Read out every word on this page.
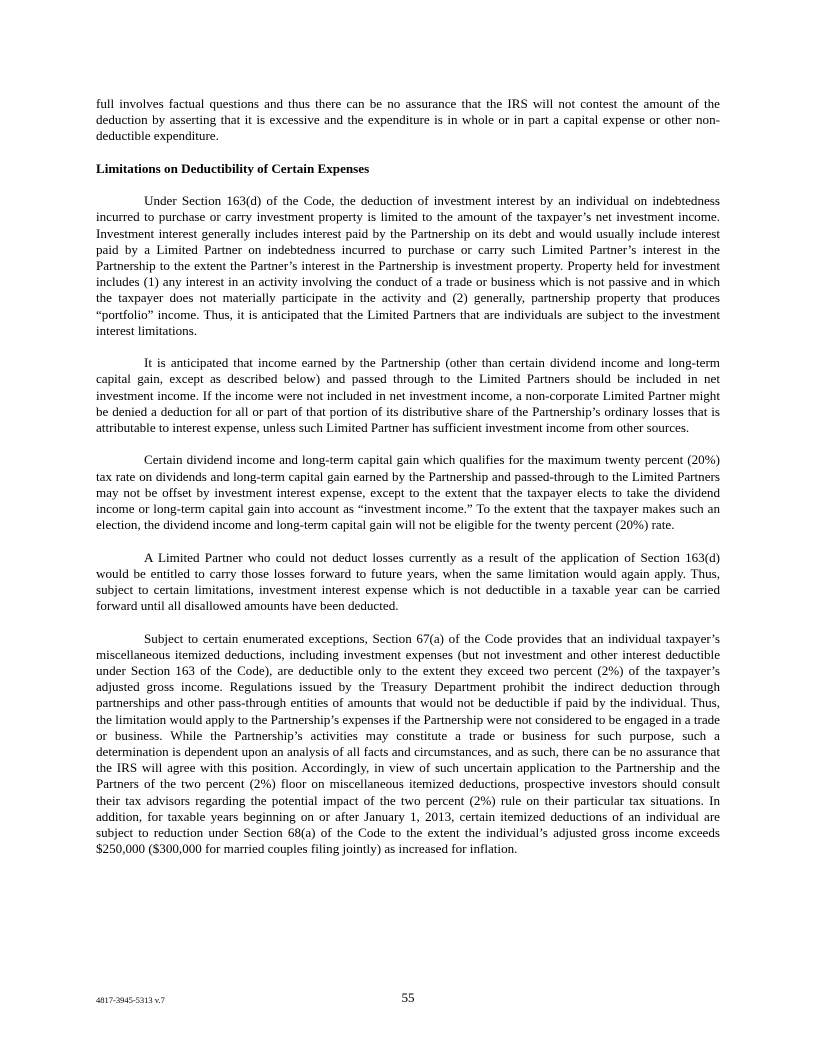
full involves factual questions and thus there can be no assurance that the IRS will not contest the amount of the deduction by asserting that it is excessive and the expenditure is in whole or in part a capital expense or other non-deductible expenditure.

Limitations on Deductibility of Certain Expenses

Under Section 163(d) of the Code, the deduction of investment interest by an individual on indebtedness incurred to purchase or carry investment property is limited to the amount of the taxpayer’s net investment income. Investment interest generally includes interest paid by the Partnership on its debt and would usually include interest paid by a Limited Partner on indebtedness incurred to purchase or carry such Limited Partner’s interest in the Partnership to the extent the Partner’s interest in the Partnership is investment property. Property held for investment includes (1) any interest in an activity involving the conduct of a trade or business which is not passive and in which the taxpayer does not materially participate in the activity and (2) generally, partnership property that produces “portfolio” income. Thus, it is anticipated that the Limited Partners that are individuals are subject to the investment interest limitations.

It is anticipated that income earned by the Partnership (other than certain dividend income and long-term capital gain, except as described below) and passed through to the Limited Partners should be included in net investment income. If the income were not included in net investment income, a non-corporate Limited Partner might be denied a deduction for all or part of that portion of its distributive share of the Partnership’s ordinary losses that is attributable to interest expense, unless such Limited Partner has sufficient investment income from other sources.

Certain dividend income and long-term capital gain which qualifies for the maximum twenty percent (20%) tax rate on dividends and long-term capital gain earned by the Partnership and passed-through to the Limited Partners may not be offset by investment interest expense, except to the extent that the taxpayer elects to take the dividend income or long-term capital gain into account as “investment income.” To the extent that the taxpayer makes such an election, the dividend income and long-term capital gain will not be eligible for the twenty percent (20%) rate.

A Limited Partner who could not deduct losses currently as a result of the application of Section 163(d) would be entitled to carry those losses forward to future years, when the same limitation would again apply. Thus, subject to certain limitations, investment interest expense which is not deductible in a taxable year can be carried forward until all disallowed amounts have been deducted.

Subject to certain enumerated exceptions, Section 67(a) of the Code provides that an individual taxpayer’s miscellaneous itemized deductions, including investment expenses (but not investment and other interest deductible under Section 163 of the Code), are deductible only to the extent they exceed two percent (2%) of the taxpayer’s adjusted gross income. Regulations issued by the Treasury Department prohibit the indirect deduction through partnerships and other pass-through entities of amounts that would not be deductible if paid by the individual. Thus, the limitation would apply to the Partnership’s expenses if the Partnership were not considered to be engaged in a trade or business. While the Partnership’s activities may constitute a trade or business for such purpose, such a determination is dependent upon an analysis of all facts and circumstances, and as such, there can be no assurance that the IRS will agree with this position. Accordingly, in view of such uncertain application to the Partnership and the Partners of the two percent (2%) floor on miscellaneous itemized deductions, prospective investors should consult their tax advisors regarding the potential impact of the two percent (2%) rule on their particular tax situations. In addition, for taxable years beginning on or after January 1, 2013, certain itemized deductions of an individual are subject to reduction under Section 68(a) of the Code to the extent the individual’s adjusted gross income exceeds $250,000 ($300,000 for married couples filing jointly) as increased for inflation.

4817-3945-5313 v.7	55
